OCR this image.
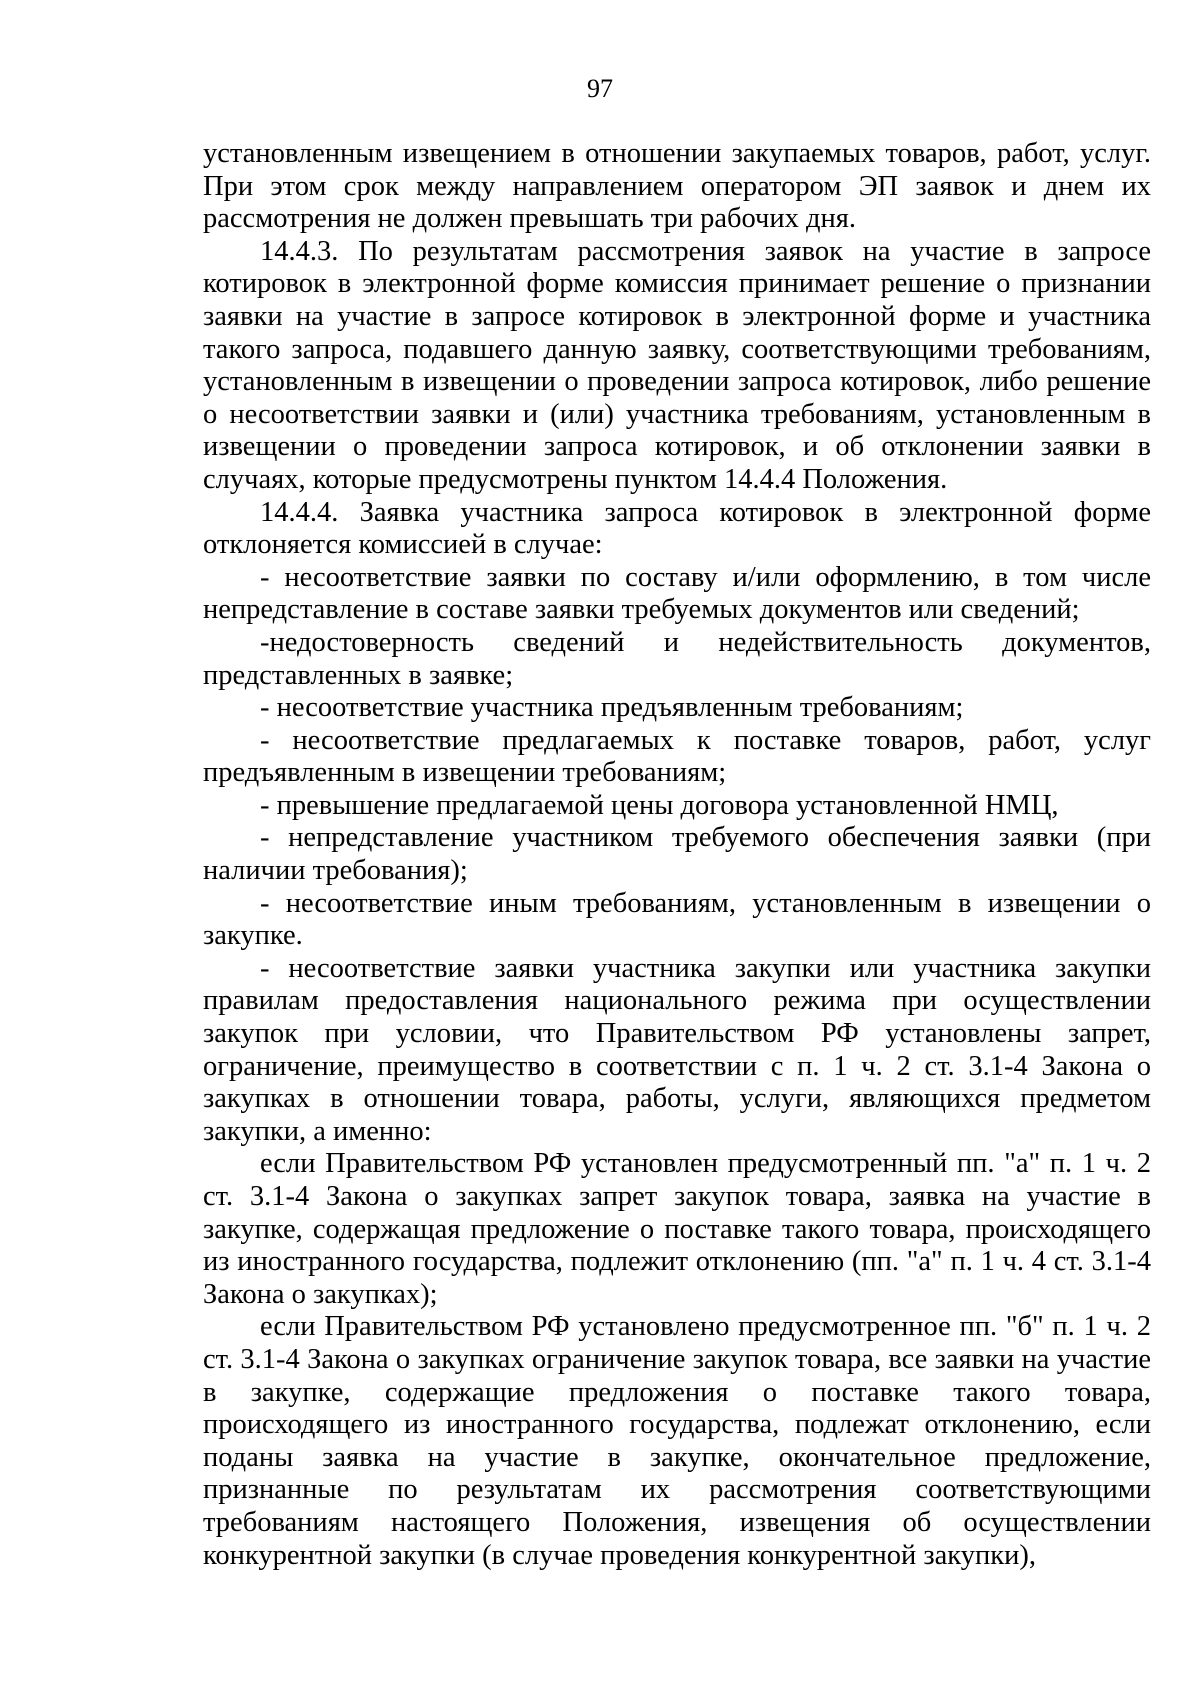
97

установленным извещением в отношении закупаемых товаров, работ, услуг. При этом срок между направлением оператором ЭП заявок и днем их рассмотрения не должен превышать три рабочих дня.

14.4.3. По результатам рассмотрения заявок на участие в запросе котировок в электронной форме комиссия принимает решение о признании заявки на участие в запросе котировок в электронной форме и участника такого запроса, подавшего данную заявку, соответствующими требованиям, установленным в извещении о проведении запроса котировок, либо решение о несоответствии заявки и (или) участника требованиям, установленным в извещении о проведении запроса котировок, и об отклонении заявки в случаях, которые предусмотрены пунктом 14.4.4 Положения.

14.4.4. Заявка участника запроса котировок в электронной форме отклоняется комиссией в случае:

- несоответствие заявки по составу и/или оформлению, в том числе непредставление в составе заявки требуемых документов или сведений;

-недостоверность сведений и недействительность документов, представленных в заявке;

- несоответствие участника предъявленным требованиям;

- несоответствие предлагаемых к поставке товаров, работ, услуг предъявленным в извещении требованиям;

- превышение предлагаемой цены договора установленной НМЦ,

- непредставление участником требуемого обеспечения заявки (при наличии требования);

- несоответствие иным требованиям, установленным в извещении о закупке.

- несоответствие заявки участника закупки или участника закупки правилам предоставления национального режима при осуществлении закупок при условии, что Правительством РФ установлены запрет, ограничение, преимущество в соответствии с п. 1 ч. 2 ст. 3.1-4 Закона о закупках в отношении товара, работы, услуги, являющихся предметом закупки, а именно:

если Правительством РФ установлен предусмотренный пп. "а" п. 1 ч. 2 ст. 3.1-4 Закона о закупках запрет закупок товара, заявка на участие в закупке, содержащая предложение о поставке такого товара, происходящего из иностранного государства, подлежит отклонению (пп. "а" п. 1 ч. 4 ст. 3.1-4 Закона о закупках);

если Правительством РФ установлено предусмотренное пп. "б" п. 1 ч. 2 ст. 3.1-4 Закона о закупках ограничение закупок товара, все заявки на участие в закупке, содержащие предложения о поставке такого товара, происходящего из иностранного государства, подлежат отклонению, если поданы заявка на участие в закупке, окончательное предложение, признанные по результатам их рассмотрения соответствующими требованиям настоящего Положения, извещения об осуществлении конкурентной закупки (в случае проведения конкурентной закупки),
